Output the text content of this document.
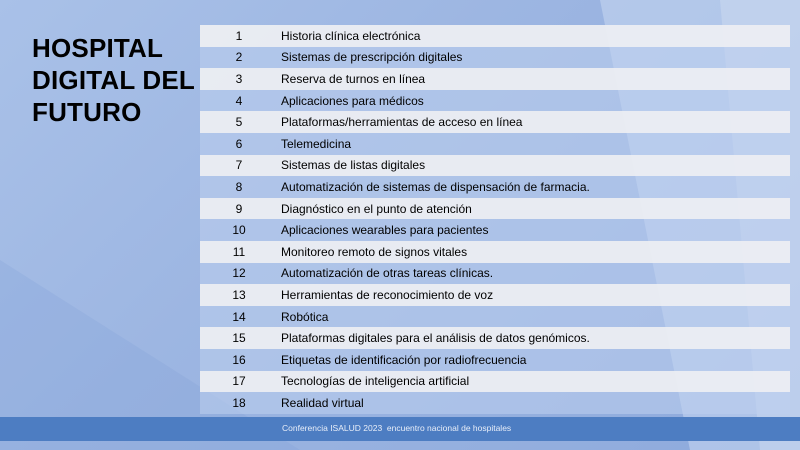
HOSPITAL
DIGITAL DEL
FUTURO
1	Historia clínica electrónica
2	Sistemas de prescripción digitales
3	Reserva de turnos en línea
4	Aplicaciones para médicos
5	Plataformas/herramientas de acceso en línea
6	Telemedicina
7	Sistemas de listas digitales
8	Automatización de sistemas de dispensación de farmacia.
9	Diagnóstico en el punto de atención
10	Aplicaciones wearables para pacientes
11	Monitoreo remoto de signos vitales
12	Automatización de otras tareas clínicas.
13	Herramientas de reconocimiento de voz
14	Robótica
15	Plataformas digitales para el análisis de datos genómicos.
16	Etiquetas de identificación por radiofrecuencia
17	Tecnologías de inteligencia artificial
18	Realidad virtual
Conferencia ISALUD 2023  encuentro nacional de hospitales
